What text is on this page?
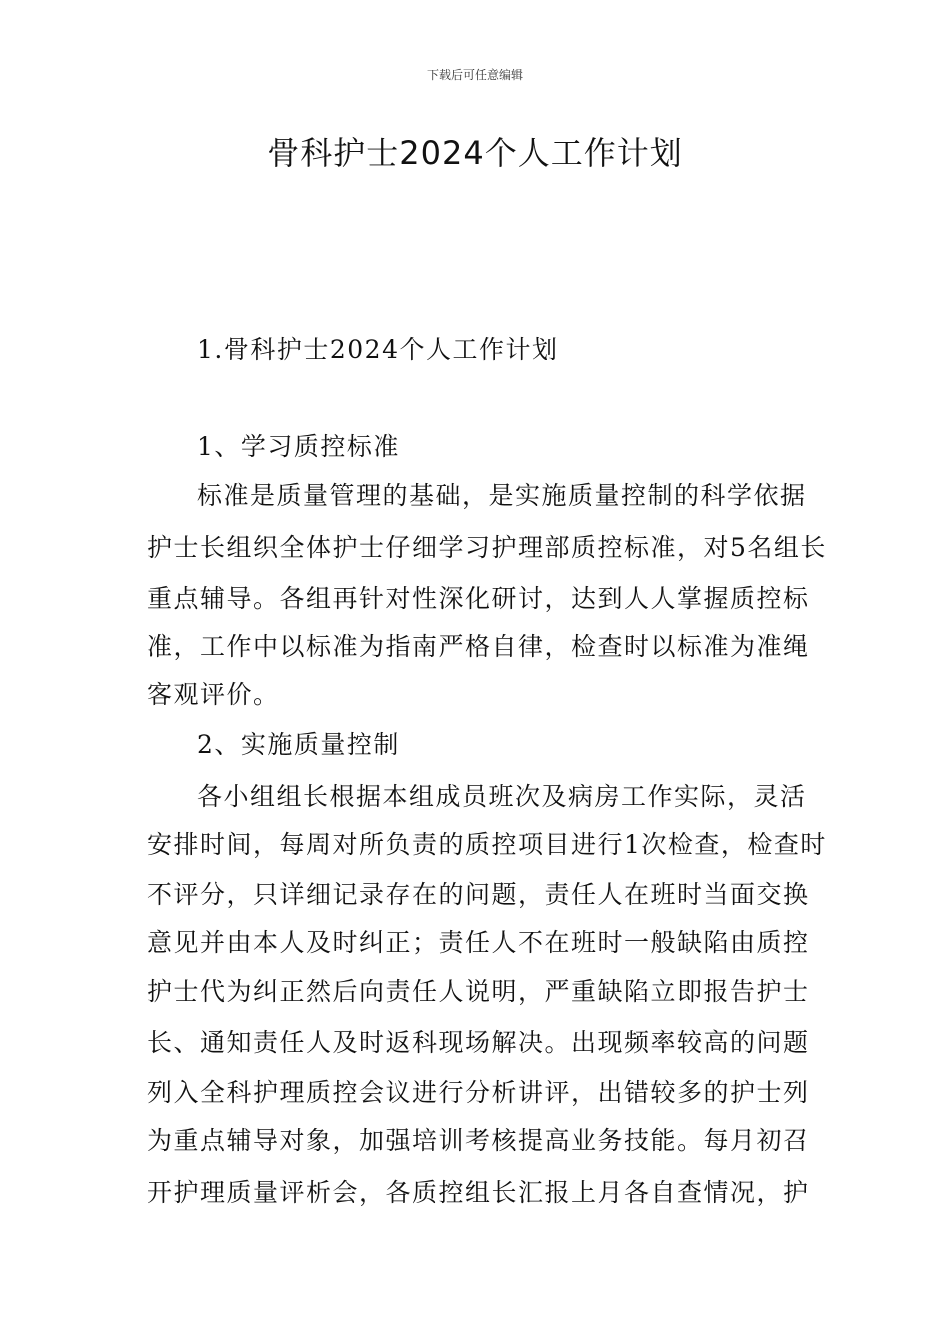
下载后可任意编辑
骨科护士2024个人工作计划
1.骨科护士2024个人工作计划
1、学习质控标准
标准是质量管理的基础，是实施质量控制的科学依据
护士长组织全体护士仔细学习护理部质控标准，对5名组长
重点辅导。各组再针对性深化研讨，达到人人掌握质控标
准，工作中以标准为指南严格自律，检查时以标准为准绳
客观评价。
2、实施质量控制
各小组组长根据本组成员班次及病房工作实际，灵活
安排时间，每周对所负责的质控项目进行1次检查，检查时
不评分，只详细记录存在的问题，责任人在班时当面交换
意见并由本人及时纠正；责任人不在班时一般缺陷由质控
护士代为纠正然后向责任人说明，严重缺陷立即报告护士
长、通知责任人及时返科现场解决。出现频率较高的问题
列入全科护理质控会议进行分析讲评，出错较多的护士列
为重点辅导对象，加强培训考核提高业务技能。每月初召
开护理质量评析会，各质控组长汇报上月各自查情况，护
